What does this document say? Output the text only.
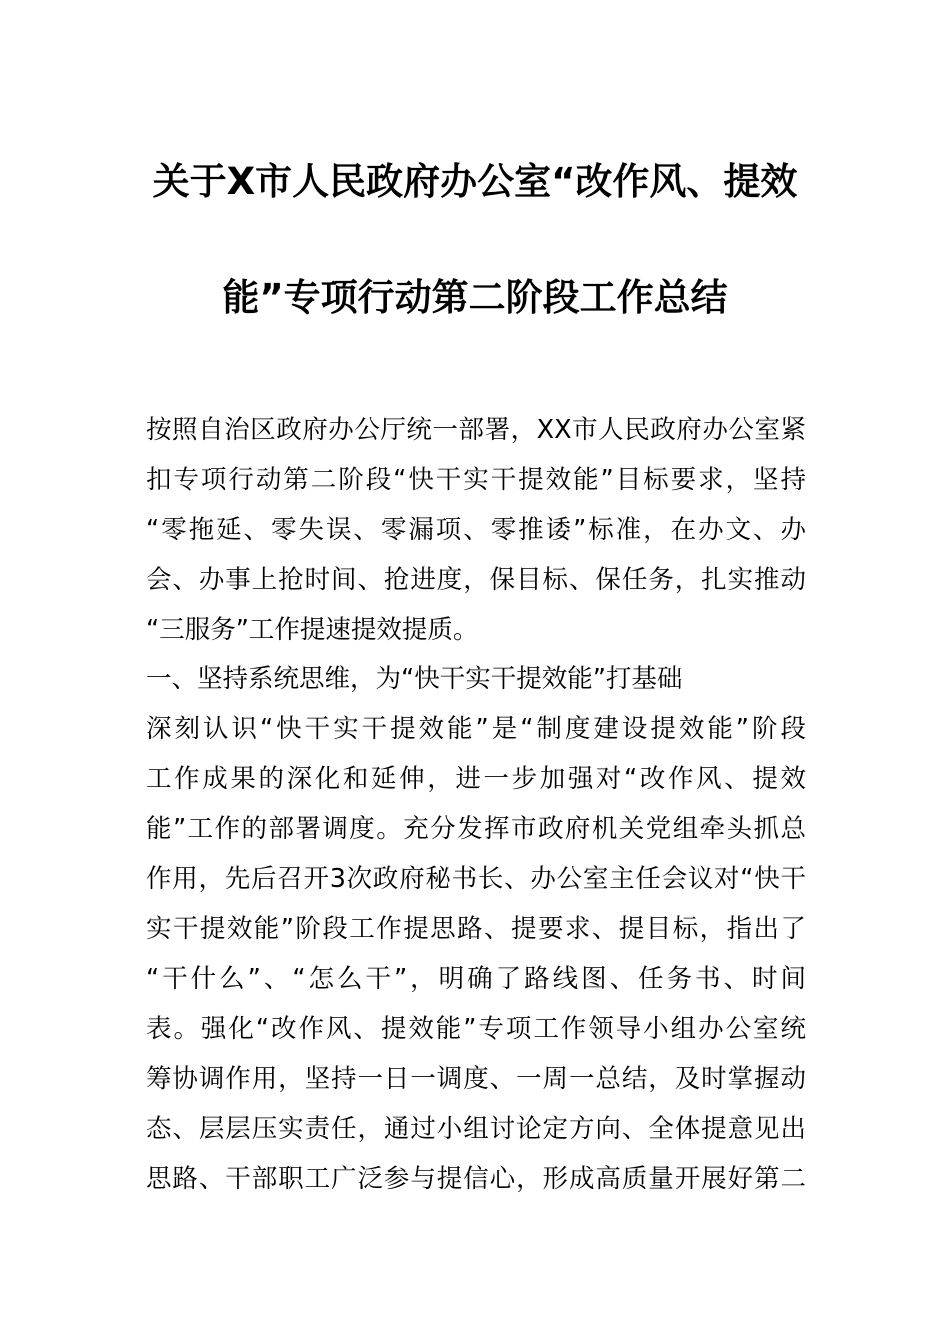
关于X市人民政府办公室“改作风、提效
能”专项行动第二阶段工作总结
按照自治区政府办公厅统一部署，XX市人民政府办公室紧
扣专项行动第二阶段“快干实干提效能”目标要求，坚持
“零拖延、零失误、零漏项、零推诿”标准，在办文、办
会、办事上抢时间、抢进度，保目标、保任务，扎实推动
“三服务”工作提速提效提质。
一、坚持系统思维，为“快干实干提效能”打基础
深刻认识“快干实干提效能”是“制度建设提效能”阶段
工作成果的深化和延伸，进一步加强对“改作风、提效
能”工作的部署调度。充分发挥市政府机关党组牵头抓总
作用，先后召开3次政府秘书长、办公室主任会议对“快干
实干提效能”阶段工作提思路、提要求、提目标，指出了
“干什么”、“怎么干”，明确了路线图、任务书、时间
表。强化“改作风、提效能”专项工作领导小组办公室统
筹协调作用，坚持一日一调度、一周一总结，及时掌握动
态、层层压实责任，通过小组讨论定方向、全体提意见出
思路、干部职工广泛参与提信心，形成高质量开展好第二
